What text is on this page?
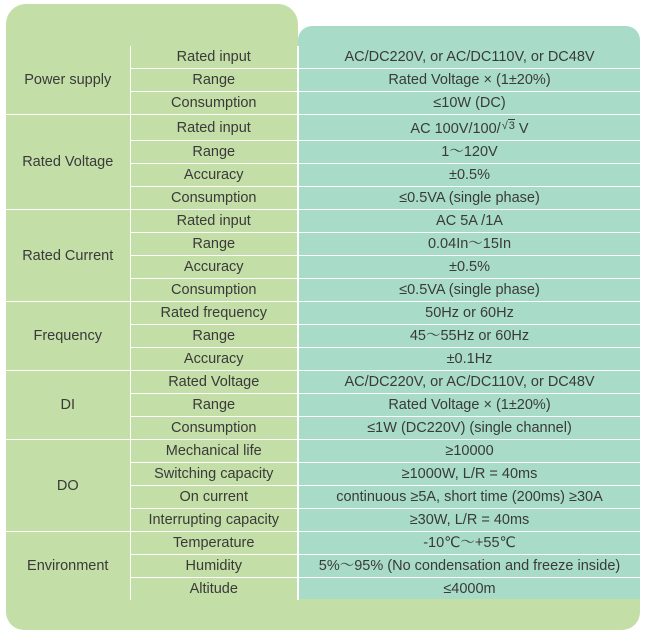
Power supply	Rated input	AC/DC220V, or AC/DC110V, or DC48V
	Range	Rated Voltage × (1±20%)
	Consumption	≤10W (DC)
Rated Voltage	Rated input	AC 100V/100/√3 V
	Range	1～120V
	Accuracy	±0.5%
	Consumption	≤0.5VA (single phase)
Rated Current	Rated input	AC 5A /1A
	Range	0.04In～15In
	Accuracy	±0.5%
	Consumption	≤0.5VA (single phase)
Frequency	Rated frequency	50Hz or 60Hz
	Range	45～55Hz or 60Hz
	Accuracy	±0.1Hz
DI	Rated Voltage	AC/DC220V, or AC/DC110V, or DC48V
	Range	Rated Voltage × (1±20%)
	Consumption	≤1W (DC220V) (single channel)
DO	Mechanical life	≥10000
	Switching capacity	≥1000W, L/R = 40ms
	On current	continuous ≥5A, short time (200ms) ≥30A
	Interrupting capacity	≥30W, L/R = 40ms
Environment	Temperature	-10℃～+55℃
	Humidity	5%～95% (No condensation and freeze inside)
	Altitude	≤4000m
